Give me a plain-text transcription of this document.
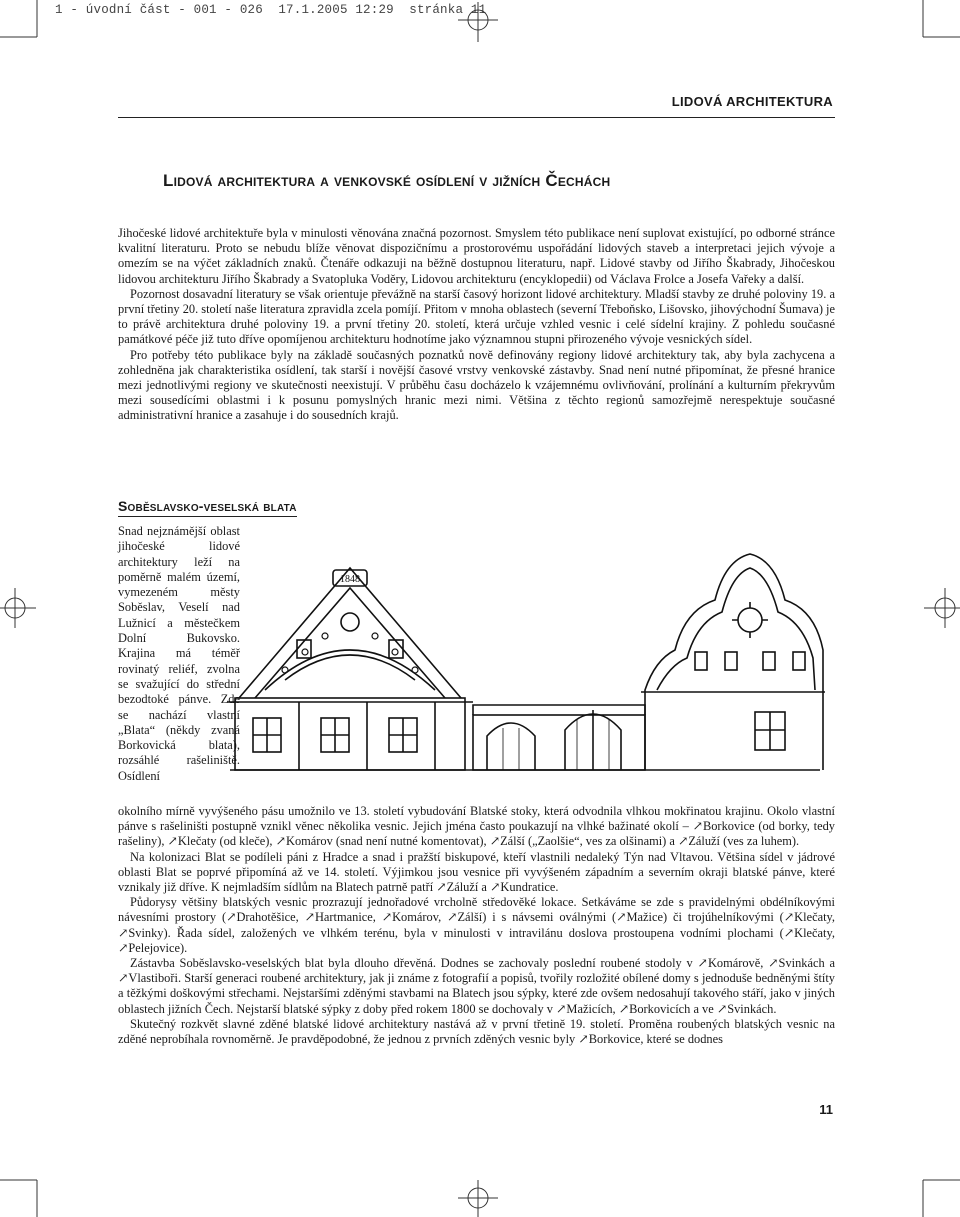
1 - úvodní část - 001 - 026  17.1.2005 12:29  stránka 11
LIDOVÁ ARCHITEKTURA
Lidová architektura a venkovské osídlení v jižních Čechách

Jihočeské lidové architektuře byla v minulosti věnována značná pozornost. Smyslem této publikace není suplovat existující, po odborné stránce kvalitní literaturu. Proto se nebudu blíže věnovat dispozičnímu a prostorovému uspořádání lidových staveb a interpretaci jejich vývoje a omezím se na výčet základních znaků. Čtenáře odkazuji na běžně dostupnou literaturu, např. Lidové stavby od Jiřího Škabrady, Jihočeskou lidovou architekturu Jiřího Škabrady a Svatopluka Voděry, Lidovou architekturu (encyklopedii) od Václava Frolce a Josefa Vařeky a další.

Pozornost dosavadní literatury se však orientuje převážně na starší časový horizont lidové architektury. Mladší stavby ze druhé poloviny 19. a první třetiny 20. století naše literatura zpravidla zcela pomíjí. Přitom v mnoha oblastech (severní Třeboňsko, Lišovsko, jihovýchodní Šumava) je to právě architektura druhé poloviny 19. a první třetiny 20. století, která určuje vzhled vesnic i celé sídelní krajiny. Z pohledu současné památkové péče již tuto dříve opomíjenou architekturu hodnotíme jako významnou stupni přirozeného vývoje vesnických sídel.

Pro potřeby této publikace byly na základě současných poznatků nově definovány regiony lidové architektury tak, aby byla zachycena a zohledněna jak charakteristika osídlení, tak starší i novější časové vrstvy venkovské zástavby. Snad není nutné připomínat, že přesné hranice mezi jednotlivými regiony ve skutečnosti neexistují. V průběhu času docházelo k vzájemnému ovlivňování, prolínání a kulturním překryvům mezi sousedícími oblastmi i k posunu pomyslných hranic mezi nimi. Většina z těchto regionů samozřejmě nerespektuje současné administrativní hranice a zasahuje i do sousedních krajů.

Soběslavsko-veselská blata

Snad nejznámější oblast jihočeské lidové architektury leží na poměrně malém území, vymezeném městy Soběslav, Veselí nad Lužnicí a městečkem Dolní Bukovsko. Krajina má téměř rovinatý reliéf, zvolna se svažující do střední bezodtoké pánve. Zde se nachází vlastní „Blata“ (někdy zvaná Borkovická blata), rozsáhlé rašeliniště. Osídlení

1848

okolního mírně vyvýšeného pásu umožnilo ve 13. století vybudování Blatské stoky, která odvodnila vlhkou mokřinatou krajinu. Okolo vlastní pánve s rašeliništi postupně vznikl věnec několika vesnic. Jejich jména často poukazují na vlhké bažinaté okolí – ↗Borkovice (od borky, tedy rašeliny), ↗Klečaty (od kleče), ↗Komárov (snad není nutné komentovat), ↗Zálší („Zaolšie“, ves za olšinami) a ↗Záluží (ves za luhem).

Na kolonizaci Blat se podíleli páni z Hradce a snad i pražští biskupové, kteří vlastnili nedaleký Týn nad Vltavou. Většina sídel v jádrové oblasti Blat se poprvé připomíná až ve 14. století. Výjimkou jsou vesnice při vyvýšeném západním a severním okraji blatské pánve, které vznikaly již dříve. K nejmladším sídlům na Blatech patrně patří ↗Záluží a ↗Kundratice.

Půdorysy většiny blatských vesnic prozrazují jednořadové vrcholně středověké lokace. Setkáváme se zde s pravidelnými obdélníkovými návesními prostory (↗Drahotěšice, ↗Hartmanice, ↗Komárov, ↗Zálší) i s návsemi oválnými (↗Mažice) či trojúhelníkovými (↗Klečaty, ↗Svinky). Řada sídel, založených ve vlhkém terénu, byla v minulosti v intravilánu doslova prostoupena vodními plochami (↗Klečaty, ↗Pelejovice).

Zástavba Soběslavsko-veselských blat byla dlouho dřevěná. Dodnes se zachovaly poslední roubené stodoly v ↗Komárově, ↗Svinkách a ↗Vlastiboři. Starší generaci roubené architektury, jak ji známe z fotografií a popisů, tvořily rozložité obílené domy s jednoduše bedněnými štíty a těžkými doškovými střechami. Nejstaršími zděnými stavbami na Blatech jsou sýpky, které zde ovšem nedosahují takového stáří, jako v jiných oblastech jižních Čech. Nejstarší blatské sýpky z doby před rokem 1800 se dochovaly v ↗Mažicích, ↗Borkovicích a ve ↗Svinkách.

Skutečný rozkvět slavné zděné blatské lidové architektury nastává až v první třetině 19. století. Proměna roubených blatských vesnic na zděné neprobíhala rovnoměrně. Je pravděpodobné, že jednou z prvních zděných vesnic byly ↗Borkovice, které se dodnes

11
